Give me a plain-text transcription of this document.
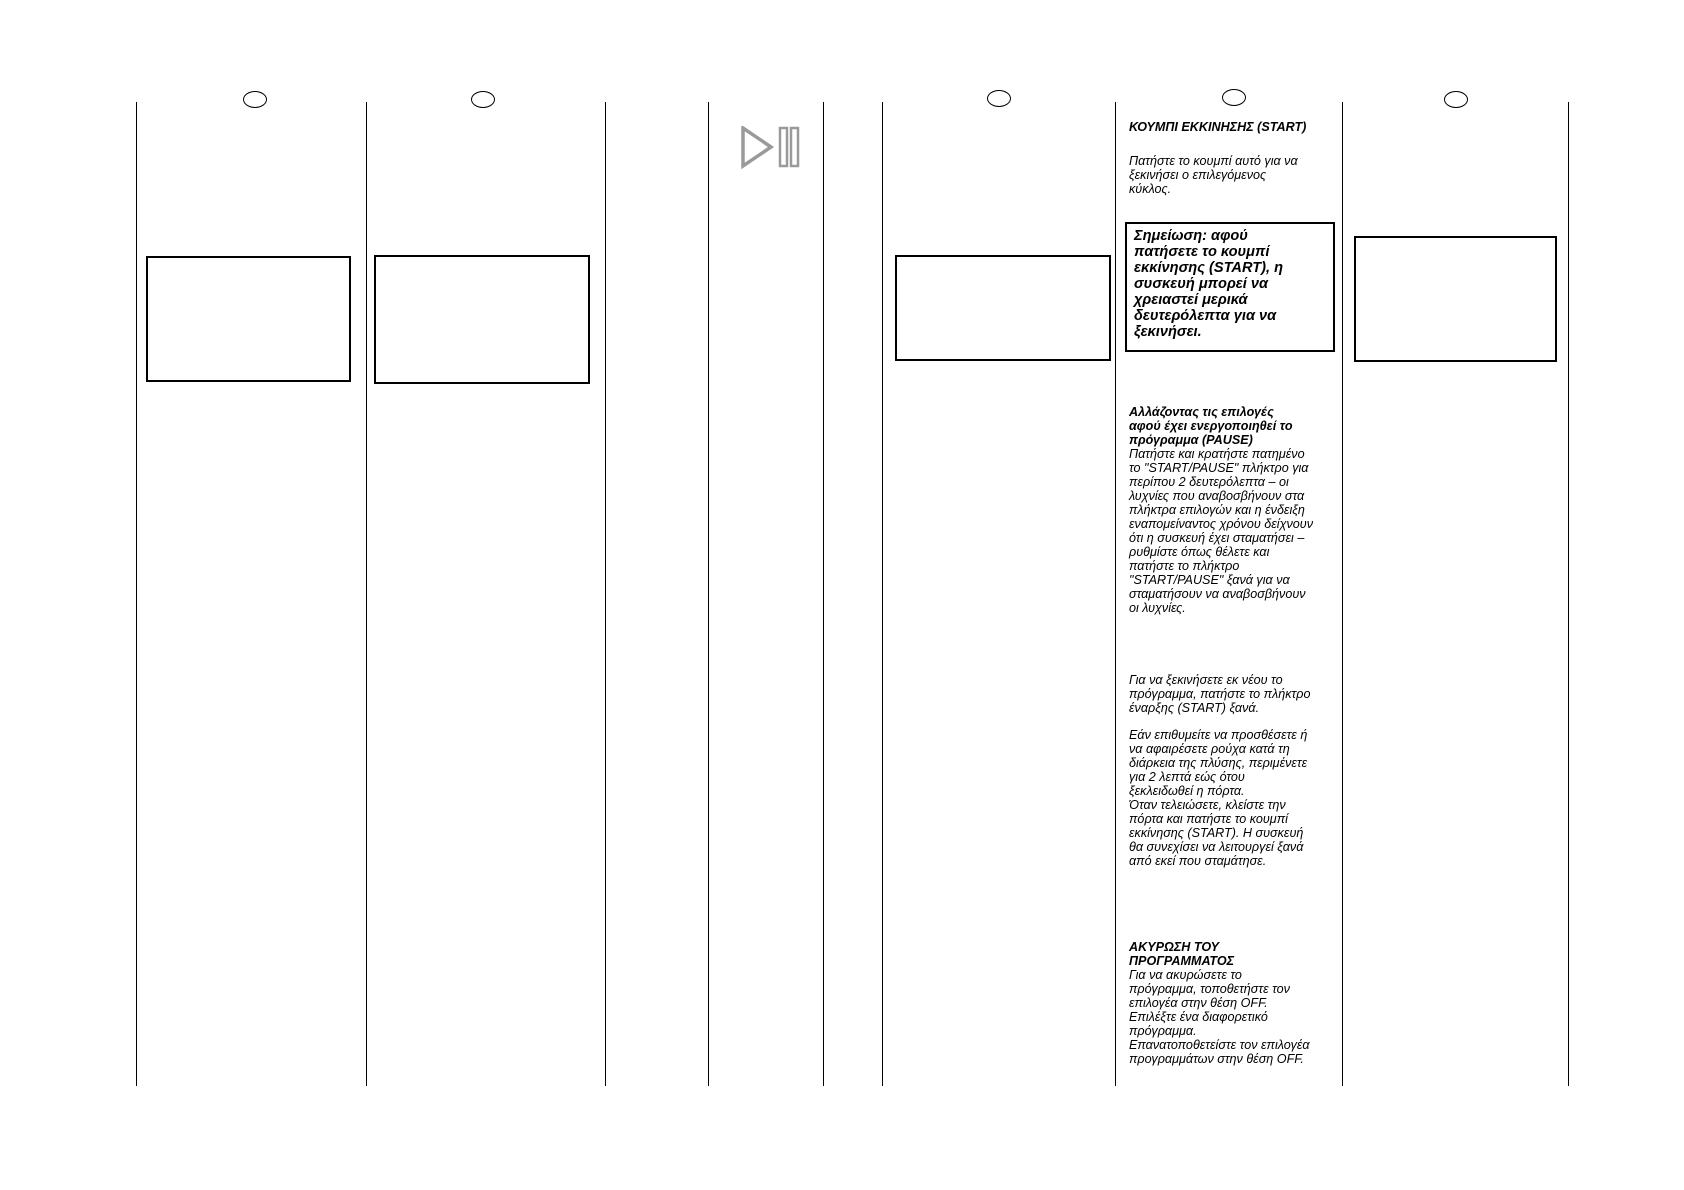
ΚΟΥΜΠΙ ΕΚΚΙΝΗΣΗΣ (START)
Πατήστε το κουμπί αυτό για να
ξεκινήσει ο επιλεγόμενος
κύκλος.
Σημείωση: αφού
πατήσετε το κουμπί
εκκίνησης (START), η
συσκευή μπορεί να
χρειαστεί μερικά
δευτερόλεπτα για να
ξεκινήσει.
Αλλάζοντας τις επιλογές
αφού έχει ενεργοποιηθεί το
πρόγραμμα (PAUSE)
Πατήστε και κρατήστε πατημένο
το "START/PAUSE" πλήκτρο για
περίπου 2 δευτερόλεπτα – οι
λυχνίες που αναβοσβήνουν στα
πλήκτρα επιλογών και η ένδειξη
εναπομείναντος χρόνου δείχνουν
ότι η συσκευή έχει σταματήσει –
ρυθμίστε όπως θέλετε και
πατήστε το πλήκτρο
"START/PAUSE" ξανά για να
σταματήσουν να αναβοσβήνουν
οι λυχνίες.
Για να ξεκινήσετε εκ νέου το
πρόγραμμα, πατήστε το πλήκτρο
έναρξης (START) ξανά.
Εάν επιθυμείτε να προσθέσετε ή
να αφαιρέσετε ρούχα κατά τη
διάρκεια της πλύσης, περιμένετε
για 2 λεπτά εώς ότου
ξεκλειδωθεί η πόρτα.
Όταν τελειώσετε, κλείστε την
πόρτα και πατήστε το κουμπί
εκκίνησης (START). Η συσκευή
θα συνεχίσει να λειτουργεί ξανά
από εκεί που σταμάτησε.
ΑΚΥΡΩΣΗ ΤΟΥ
ΠΡΟΓΡΑΜΜΑΤΟΣ
Για να ακυρώσετε το
πρόγραμμα, τοποθετήστε τον
επιλογέα στην θέση OFF.
Επιλέξτε ένα διαφορετικό
πρόγραμμα.
Επανατοποθετείστε τον επιλογέα
προγραμμάτων στην θέση OFF.
